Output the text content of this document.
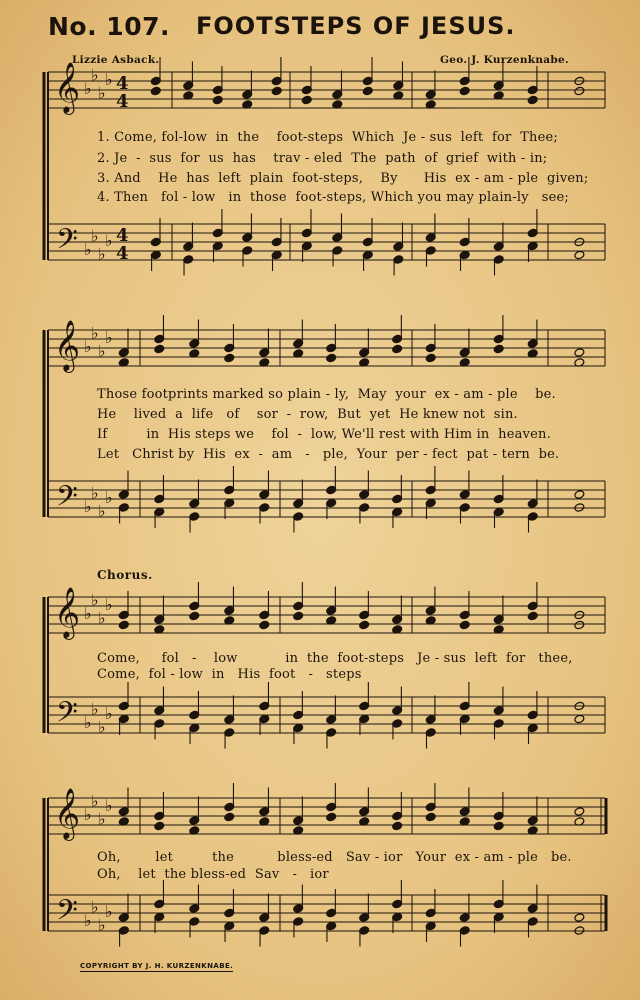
No. 107. FOOTSTEPS OF JESUS.
Lizzie Asback.	Geo. J. Kurzenknabe.
𝄞
𝄢
♭
♭
♭
♭
♭
♭
♭
♭
4
4
4
4
𝄞
𝄢
♭
♭
♭
♭
♭
♭
♭
♭
𝄞
𝄢
♭
♭
♭
♭
♭
♭
♭
♭
𝄞
𝄢
♭
♭
♭
♭
♭
♭
♭
♭
1. Come, fol-low  in  the    foot-steps  Which  Je - sus  left  for  Thee;
2. Je  -  sus  for  us  has    trav - eled  The  path  of  grief  with - in;
3. And    He  has  left  plain  foot-steps,    By      His  ex - am - ple  given;
4. Then   fol - low   in  those  foot-steps, Which you may plain-ly   see;
Those footprints marked so plain - ly,  May  your  ex - am - ple    be.
He    lived  a  life   of    sor  -  row,  But  yet  He knew not  sin.
If         in  His steps we    fol  -  low, We'll rest with Him in  heaven.
Let   Christ by  His  ex  -  am   -   ple,  Your  per - fect  pat - tern  be.
Chorus.
Come,     fol   -    low           in  the  foot-steps   Je - sus  left  for   thee,
Come,  fol - low  in   His  foot   -   steps
Oh,        let         the          bless-ed   Sav - ior   Your  ex - am - ple   be.
Oh,    let  the bless-ed  Sav   -   ior
COPYRIGHT BY J. H. KURZENKNABE.
